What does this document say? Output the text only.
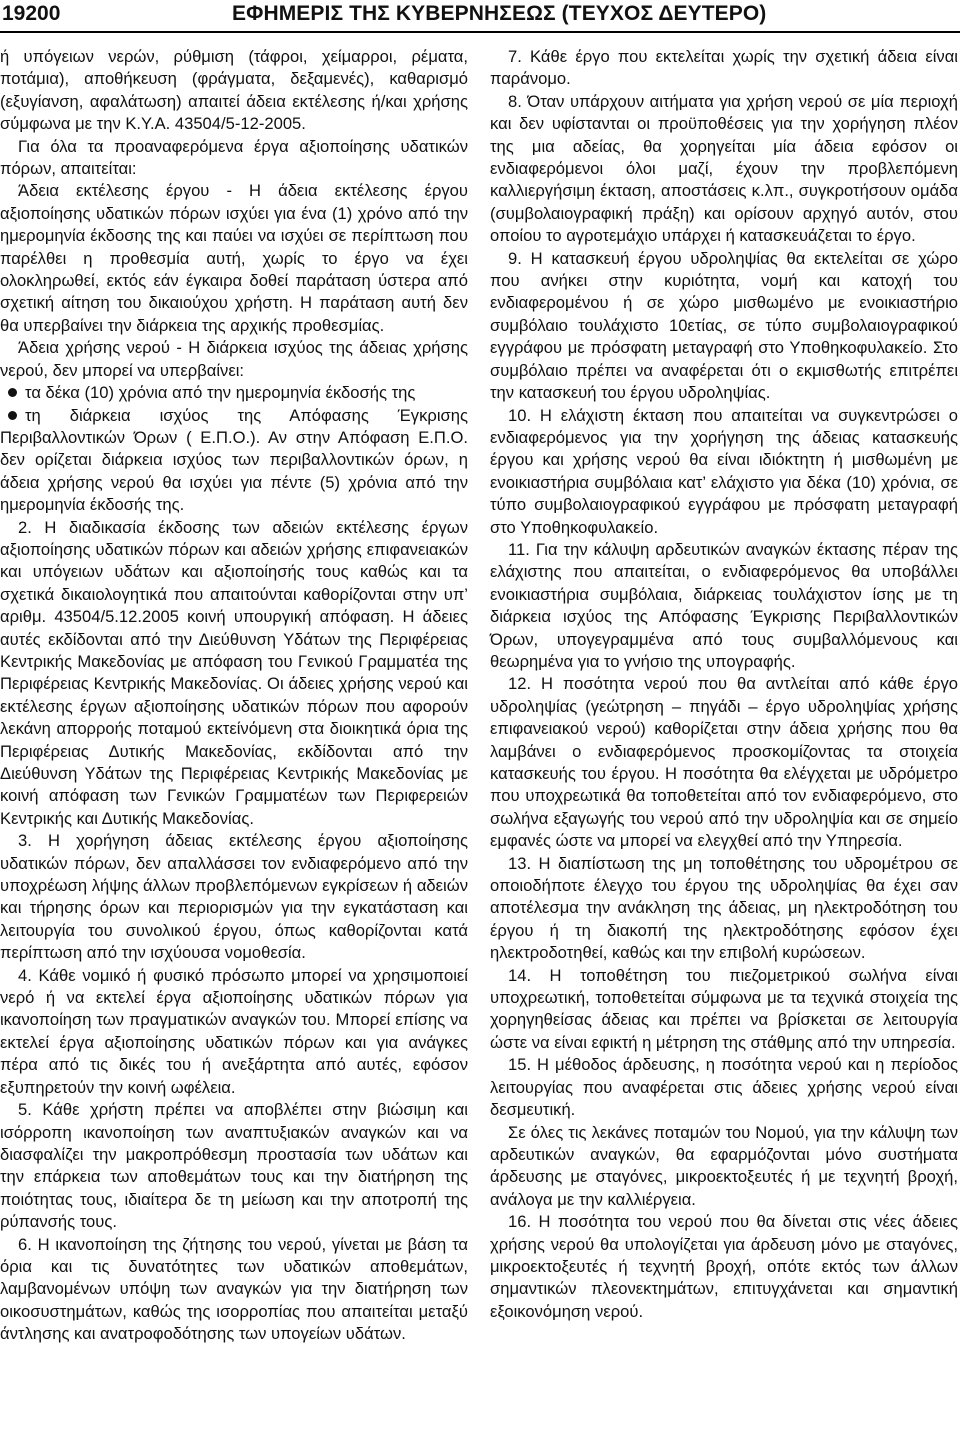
19200	ΕΦΗΜΕΡΙΣ ΤΗΣ ΚΥΒΕΡΝΗΣΕΩΣ (ΤΕΥΧΟΣ ΔΕΥΤΕΡΟ)

ή υπόγειων νερών, ρύθμιση (τάφροι, χείμαρροι, ρέματα, ποτάμια), αποθήκευση (φράγματα, δεξαμενές), καθαρισμό (εξυγίανση, αφαλάτωση) απαιτεί άδεια εκτέλεσης ή/και χρήσης σύμφωνα με την Κ.Υ.Α. 43504/5-12-2005.

Για όλα τα προαναφερόμενα έργα αξιοποίησης υδατικών πόρων, απαιτείται:

Άδεια εκτέλεσης έργου - Η άδεια εκτέλεσης έργου αξιοποίησης υδατικών πόρων ισχύει για ένα (1) χρόνο από την ημερομηνία έκδοσης της και παύει να ισχύει σε περίπτωση που παρέλθει η προθεσμία αυτή, χωρίς το έργο να έχει ολοκληρωθεί, εκτός εάν έγκαιρα δοθεί παράταση ύστερα από σχετική αίτηση του δικαιούχου χρήστη. Η παράταση αυτή δεν θα υπερβαίνει την διάρκεια της αρχικής προθεσμίας.

Άδεια χρήσης νερού - Η διάρκεια ισχύος της άδειας χρήσης νερού, δεν μπορεί να υπερβαίνει:

τα δέκα (10) χρόνια από την ημερομηνία έκδοσής της

τη διάρκεια ισχύος της Απόφασης Έγκρισης Περιβαλλοντικών Όρων ( Ε.Π.Ο.). Αν στην Απόφαση Ε.Π.Ο. δεν ορίζεται διάρκεια ισχύος των περιβαλλοντικών όρων, η άδεια χρήσης νερού θα ισχύει για πέντε (5) χρόνια από την ημερομηνία έκδοσής της.

2. Η διαδικασία έκδοσης των αδειών εκτέλεσης έργων αξιοποίησης υδατικών πόρων και αδειών χρήσης επιφανειακών και υπόγειων υδάτων και αξιοποίησής τους καθώς και τα σχετικά δικαιολογητικά που απαιτούνται καθορίζονται στην υπ’ αριθμ. 43504/5.12.2005 κοινή υπουργική απόφαση. Η άδειες αυτές εκδίδονται από την Διεύθυνση Υδάτων της Περιφέρειας Κεντρικής Μακεδονίας με απόφαση του Γενικού Γραμματέα της Περιφέρειας Κεντρικής Μακεδονίας. Οι άδειες χρήσης νερού και εκτέλεσης έργων αξιοποίησης υδατικών πόρων που αφορούν λεκάνη απορροής ποταμού εκτείνόμενη στα διοικητικά όρια της Περιφέρειας Δυτικής Μακεδονίας, εκδίδονται από την Διεύθυνση Υδάτων της Περιφέρειας Κεντρικής Μακεδονίας με κοινή απόφαση των Γενικών Γραμματέων των Περιφερειών Κεντρικής και Δυτικής Μακεδονίας.

3. Η χορήγηση άδειας εκτέλεσης έργου αξιοποίησης υδατικών πόρων, δεν απαλλάσσει τον ενδιαφερόμενο από την υποχρέωση λήψης άλλων προβλεπόμενων εγκρίσεων ή αδειών και τήρησης όρων και περιορισμών για την εγκατάσταση και λειτουργία του συνολικού έργου, όπως καθορίζονται κατά περίπτωση από την ισχύουσα νομοθεσία.

4. Κάθε νομικό ή φυσικό πρόσωπο μπορεί να χρησιμοποιεί νερό ή να εκτελεί έργα αξιοποίησης υδατικών πόρων για ικανοποίηση των πραγματικών αναγκών του. Μπορεί επίσης να εκτελεί έργα αξιοποίησης υδατικών πόρων και για ανάγκες πέρα από τις δικές του ή ανεξάρτητα από αυτές, εφόσον εξυπηρετούν την κοινή ωφέλεια.

5. Κάθε χρήστη πρέπει να αποβλέπει στην βιώσιμη και ισόρροπη ικανοποίηση των αναπτυξιακών αναγκών και να διασφαλίζει την μακροπρόθεσμη προστασία των υδάτων και την επάρκεια των αποθεμάτων τους και την διατήρηση της ποιότητας τους, ιδιαίτερα δε τη μείωση και την αποτροπή της ρύπανσής τους.

6. Η ικανοποίηση της ζήτησης του νερού, γίνεται με βάση τα όρια και τις δυνατότητες των υδατικών αποθεμάτων, λαμβανομένων υπόψη των αναγκών για την διατήρηση των οικοσυστημάτων, καθώς της ισορροπίας που απαιτείται μεταξύ άντλησης και ανατροφοδότησης των υπογείων υδάτων.

7. Κάθε έργο που εκτελείται χωρίς την σχετική άδεια είναι παράνομο.

8. Όταν υπάρχουν αιτήματα για χρήση νερού σε μία περιοχή και δεν υφίστανται οι προϋποθέσεις για την χορήγηση πλέον της μια αδείας, θα χορηγείται μία άδεια εφόσον οι ενδιαφερόμενοι όλοι μαζί, έχουν την προβλεπόμενη καλλιεργήσιμη έκταση, αποστάσεις κ.λπ., συγκροτήσουν ομάδα (συμβολαιογραφική πράξη) και ορίσουν αρχηγό αυτόν, στου οποίου το αγροτεμάχιο υπάρχει ή κατασκευάζεται το έργο.

9. Η κατασκευή έργου υδροληψίας θα εκτελείται σε χώρο που ανήκει στην κυριότητα, νομή και κατοχή του ενδιαφερομένου ή σε χώρο μισθωμένο με ενοικιαστήριο συμβόλαιο τουλάχιστο 10ετίας, σε τύπο συμβολαιογραφικού εγγράφου με πρόσφατη μεταγραφή στο Υποθηκοφυλακείο. Στο συμβόλαιο πρέπει να αναφέρεται ότι ο εκμισθωτής επιτρέπει την κατασκευή του έργου υδροληψίας.

10. Η ελάχιστη έκταση που απαιτείται να συγκεντρώσει ο ενδιαφερόμενος για την χορήγηση της άδειας κατασκευής έργου και χρήσης νερού θα είναι ιδιόκτητη ή μισθωμένη με ενοικιαστήρια συμβόλαια κατ’ ελάχιστο για δέκα (10) χρόνια, σε τύπο συμβολαιογραφικού εγγράφου με πρόσφατη μεταγραφή στο Υποθηκοφυλακείο.

11. Για την κάλυψη αρδευτικών αναγκών έκτασης πέραν της ελάχιστης που απαιτείται, ο ενδιαφερόμενος θα υποβάλλει ενοικιαστήρια συμβόλαια, διάρκειας τουλάχιστον ίσης με τη διάρκεια ισχύος της Απόφασης Έγκρισης Περιβαλλοντικών Όρων, υπογεγραμμένα από τους συμβαλλόμενους και θεωρημένα για το γνήσιο της υπογραφής.

12. Η ποσότητα νερού που θα αντλείται από κάθε έργο υδροληψίας (γεώτρηση – πηγάδι – έργο υδροληψίας χρήσης επιφανειακού νερού) καθορίζεται στην άδεια χρήσης που θα λαμβάνει ο ενδιαφερόμενος προσκομίζοντας τα στοιχεία κατασκευής του έργου. Η ποσότητα θα ελέγχεται με υδρόμετρο που υποχρεωτικά θα τοποθετείται από τον ενδιαφερόμενο, στο σωλήνα εξαγωγής του νερού από την υδροληψία και σε σημείο εμφανές ώστε να μπορεί να ελεγχθεί από την Υπηρεσία.

13. Η διαπίστωση της μη τοποθέτησης του υδρομέτρου σε οποιοδήποτε έλεγχο του έργου της υδροληψίας θα έχει σαν αποτέλεσμα την ανάκληση της άδειας, μη ηλεκτροδότηση του έργου ή τη διακοπή της ηλεκτροδότησης εφόσον έχει ηλεκτροδοτηθεί, καθώς και την επιβολή κυρώσεων.

14. Η τοποθέτηση του πιεζομετρικού σωλήνα είναι υποχρεωτική, τοποθετείται σύμφωνα με τα τεχνικά στοιχεία της χορηγηθείσας άδειας και πρέπει να βρίσκεται σε λειτουργία ώστε να είναι εφικτή η μέτρηση της στάθμης από την υπηρεσία.

15. Η μέθοδος άρδευσης, η ποσότητα νερού και η περίοδος λειτουργίας που αναφέρεται στις άδειες χρήσης νερού είναι δεσμευτική.

Σε όλες τις λεκάνες ποταμών του Νομού, για την κάλυψη των αρδευτικών αναγκών, θα εφαρμόζονται μόνο συστήματα άρδευσης με σταγόνες, μικροεκτοξευτές ή με τεχνητή βροχή, ανάλογα με την καλλιέργεια.

16. Η ποσότητα του νερού που θα δίνεται στις νέες άδειες χρήσης νερού θα υπολογίζεται για άρδευση μόνο με σταγόνες, μικροεκτοξευτές ή τεχνητή βροχή, οπότε εκτός των άλλων σημαντικών πλεονεκτημάτων, επιτυγχάνεται και σημαντική εξοικονόμηση νερού.
